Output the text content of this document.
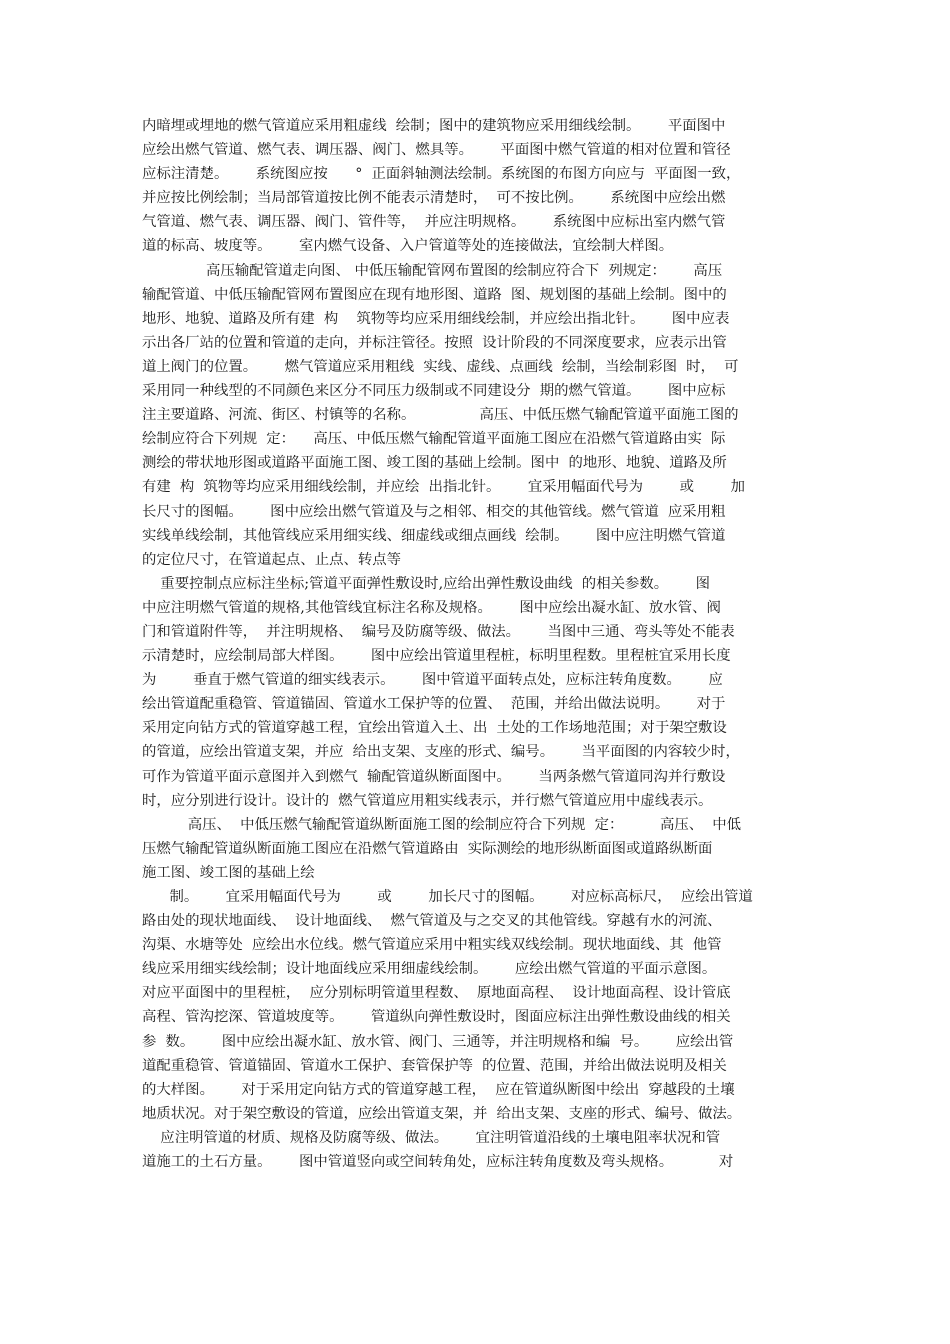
内暗埋或埋地的燃气管道应采用粗虚线  绘制；图中的建筑物应采用细线绘制。      平面图中
应绘出燃气管道、燃气表、调压器、阀门、燃具等。      平面图中燃气管道的相对位置和管径
应标注清楚。      系统图应按      °  正面斜轴测法绘制。系统图的布图方向应与  平面图一致，
并应按比例绘制；当局部管道按比例不能表示清楚时，  可不按比例。      系统图中应绘出燃
气管道、燃气表、调压器、阀门、管件等，  并应注明规格。      系统图中应标出室内燃气管
道的标高、坡度等。      室内燃气设备、入户管道等处的连接做法，宜绘制大样图。
高压输配管道走向图、 中低压输配管网布置图的绘制应符合下  列规定：      高压
输配管道、中低压输配管网布置图应在现有地形图、道路  图、规划图的基础上绘制。图中的
地形、地貌、道路及所有建  构    筑物等均应采用细线绘制，并应绘出指北针。      图中应表
示出各厂站的位置和管道的走向，并标注管径。按照  设计阶段的不同深度要求，应表示出管
道上阀门的位置。      燃气管道应采用粗线  实线、虚线、点画线  绘制，当绘制彩图  时，  可
采用同一种线型的不同颜色来区分不同压力级制或不同建设分  期的燃气管道。      图中应标
注主要道路、河流、街区、村镇等的名称。              高压、中低压燃气输配管道平面施工图的
绘制应符合下列规  定：    高压、中低压燃气输配管道平面施工图应在沿燃气管道路由实  际
测绘的带状地形图或道路平面施工图、竣工图的基础上绘制。图中  的地形、地貌、道路及所
有建  构  筑物等均应采用细线绘制，并应绘  出指北针。      宜采用幅面代号为        或        加
长尺寸的图幅。      图中应绘出燃气管道及与之相邻、相交的其他管线。燃气管道  应采用粗
实线单线绘制，其他管线应采用细实线、细虚线或细点画线  绘制。      图中应注明燃气管道
的定位尺寸，在管道起点、止点、转点等
重要控制点应标注坐标;管道平面弹性敷设时,应给出弹性敷设曲线  的相关参数。      图
中应注明燃气管道的规格,其他管线宜标注名称及规格。      图中应绘出凝水缸、放水管、阀
门和管道附件等，  并注明规格、  编号及防腐等级、做法。      当图中三通、弯头等处不能表
示清楚时，应绘制局部大样图。      图中应绘出管道里程桩，标明里程数。里程桩宜采用长度
为        垂直于燃气管道的细实线表示。      图中管道平面转点处，应标注转角度数。      应
绘出管道配重稳管、管道锚固、管道水工保护等的位置、  范围，并给出做法说明。      对于
采用定向钻方式的管道穿越工程，宜绘出管道入土、出  土处的工作场地范围；对于架空敷设
的管道，应绘出管道支架，并应  给出支架、支座的形式、编号。      当平面图的内容较少时，
可作为管道平面示意图并入到燃气  输配管道纵断面图中。      当两条燃气管道同沟并行敷设
时，应分别进行设计。设计的  燃气管道应用粗实线表示，并行燃气管道应用中虚线表示。
高压、  中低压燃气输配管道纵断面施工图的绘制应符合下列规  定：        高压、  中低
压燃气输配管道纵断面施工图应在沿燃气管道路由  实际测绘的地形纵断面图或道路纵断面
施工图、竣工图的基础上绘
制。      宜采用幅面代号为        或        加长尺寸的图幅。      对应标高标尺，  应绘出管道
路由处的现状地面线、  设计地面线、  燃气管道及与之交叉的其他管线。穿越有水的河流、
沟渠、水塘等处  应绘出水位线。燃气管道应采用中粗实线双线绘制。现状地面线、其  他管
线应采用细实线绘制；设计地面线应采用细虚线绘制。      应绘出燃气管道的平面示意图。
对应平面图中的里程桩，  应分别标明管道里程数、  原地面高程、  设计地面高程、设计管底
高程、管沟挖深、管道坡度等。      管道纵向弹性敷设时，图面应标注出弹性敷设曲线的相关
参  数。      图中应绘出凝水缸、放水管、阀门、三通等，并注明规格和编  号。      应绘出管
道配重稳管、管道锚固、管道水工保护、套管保护等  的位置、范围，并给出做法说明及相关
的大样图。      对于采用定向钻方式的管道穿越工程，  应在管道纵断图中绘出  穿越段的土壤
地质状况。对于架空敷设的管道，应绘出管道支架，并  给出支架、支座的形式、编号、做法。
应注明管道的材质、规格及防腐等级、做法。      宜注明管道沿线的土壤电阻率状况和管
道施工的土石方量。      图中管道竖向或空间转角处，应标注转角度数及弯头规格。          对
